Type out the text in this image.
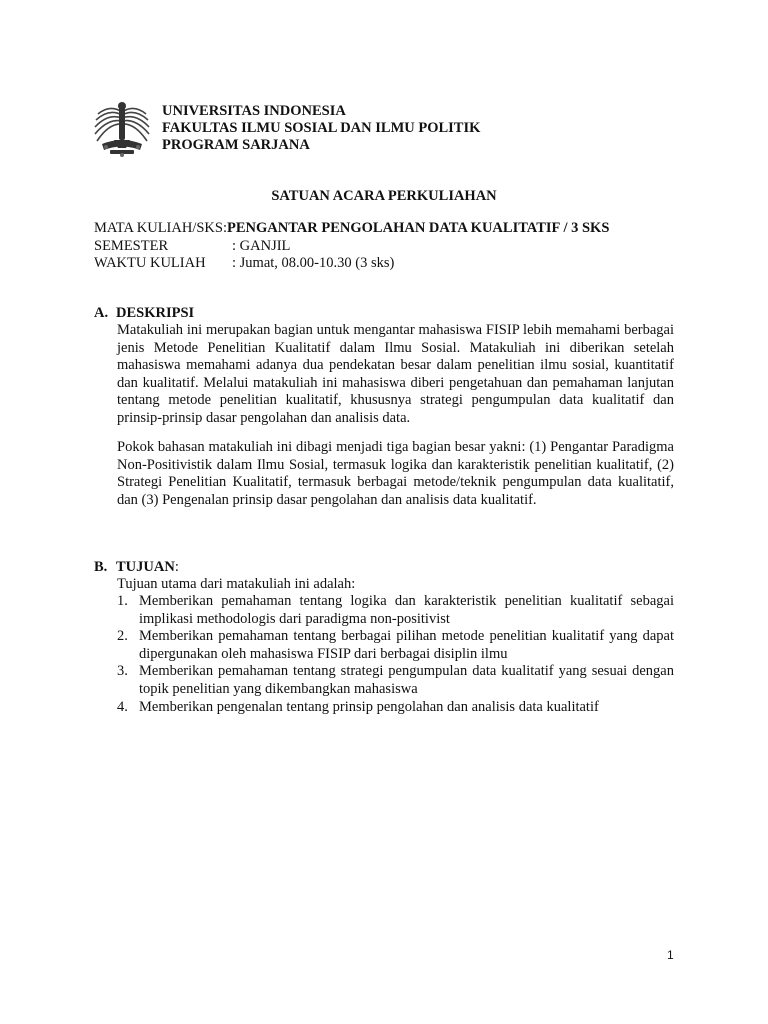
UNIVERSITAS INDONESIA
FAKULTAS ILMU SOSIAL DAN ILMU POLITIK
PROGRAM SARJANA
SATUAN ACARA PERKULIAHAN
MATA KULIAH/SKS:PENGANTAR PENGOLAHAN DATA KUALITATIF / 3 SKS
SEMESTER	: GANJIL
WAKTU KULIAH : Jumat, 08.00-10.30 (3 sks)
A. DESKRIPSI
Matakuliah ini merupakan bagian untuk mengantar mahasiswa FISIP lebih memahami berbagai jenis Metode Penelitian Kualitatif dalam Ilmu Sosial. Matakuliah ini diberikan setelah mahasiswa memahami adanya dua pendekatan besar dalam penelitian ilmu sosial, kuantitatif dan kualitatif. Melalui matakuliah ini mahasiswa diberi pengetahuan dan pemahaman lanjutan tentang metode penelitian kualitatif, khususnya strategi pengumpulan data kualitatif dan prinsip-prinsip dasar pengolahan dan analisis data.
Pokok bahasan matakuliah ini dibagi menjadi tiga bagian besar yakni: (1) Pengantar Paradigma Non-Positivistik dalam Ilmu Sosial, termasuk logika dan karakteristik penelitian kualitatif, (2) Strategi Penelitian Kualitatif, termasuk berbagai metode/teknik pengumpulan data kualitatif, dan (3) Pengenalan prinsip dasar pengolahan dan analisis data kualitatif.
B. TUJUAN:
Tujuan utama dari matakuliah ini adalah:
1. Memberikan pemahaman tentang logika dan karakteristik penelitian kualitatif sebagai implikasi methodologis dari paradigma non-positivist
2. Memberikan pemahaman tentang berbagai pilihan metode penelitian kualitatif yang dapat dipergunakan oleh mahasiswa FISIP dari berbagai disiplin ilmu
3. Memberikan pemahaman tentang strategi pengumpulan data kualitatif yang sesuai dengan topik penelitian yang dikembangkan mahasiswa
4. Memberikan pengenalan tentang prinsip pengolahan dan analisis data kualitatif
1
